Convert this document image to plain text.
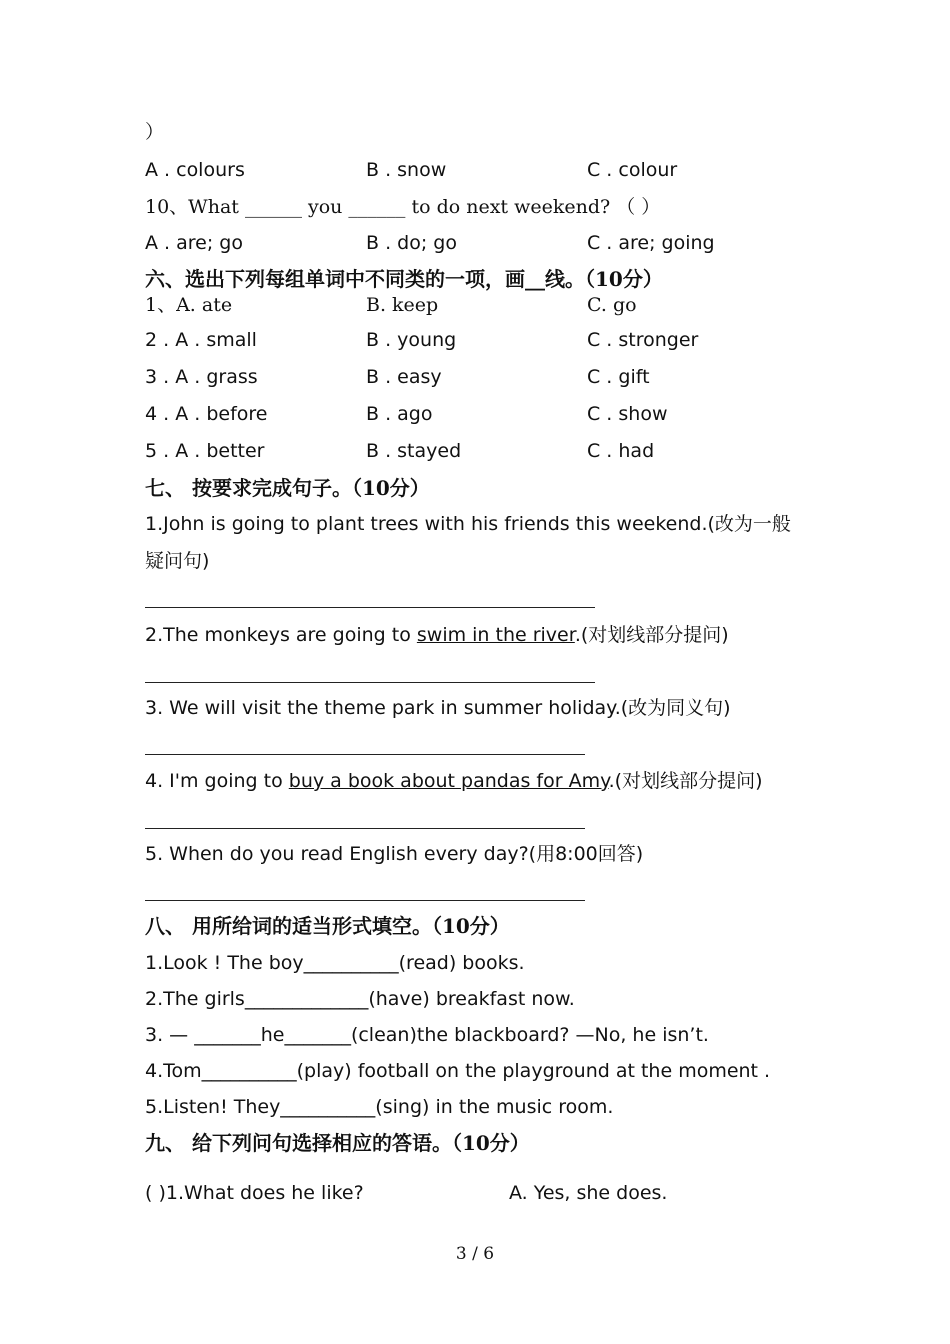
）
A . colours	B . snow	C . colour
10、What ______ you ______ to do next weekend? （ ）
A . are; go	B . do; go	C . are; going
六、选出下列每组单词中不同类的一项，画__线。（10分）
1、A. ate	B. keep	C. go
2 . A . small	B . young	C . stronger
3 . A . grass	B . easy	C . gift
4 . A . before	B . ago	C . show
5 . A . better	B . stayed	C . had
七、 按要求完成句子。（10分）
1.John is going to plant trees with his friends this weekend.(改为一般
疑问句)
2.The monkeys are going to swim in the river.(对划线部分提问)
3. We will visit the theme park in summer holiday.(改为同义句)
4. I'm going to buy a book about pandas for Amy.(对划线部分提问)
5. When do you read English every day?(用8:00回答)
八、 用所给词的适当形式填空。（10分）
1.Look ! The boy__________(read) books.
2.The girls_____________(have) breakfast now.
3. — _______he_______(clean)the blackboard? —No, he isn’t.
4.Tom__________(play) football on the playground at the moment .
5.Listen! They__________(sing) in the music room.
九、 给下列问句选择相应的答语。（10分）
( )1.What does he like?	A. Yes, she does.
3 / 6
